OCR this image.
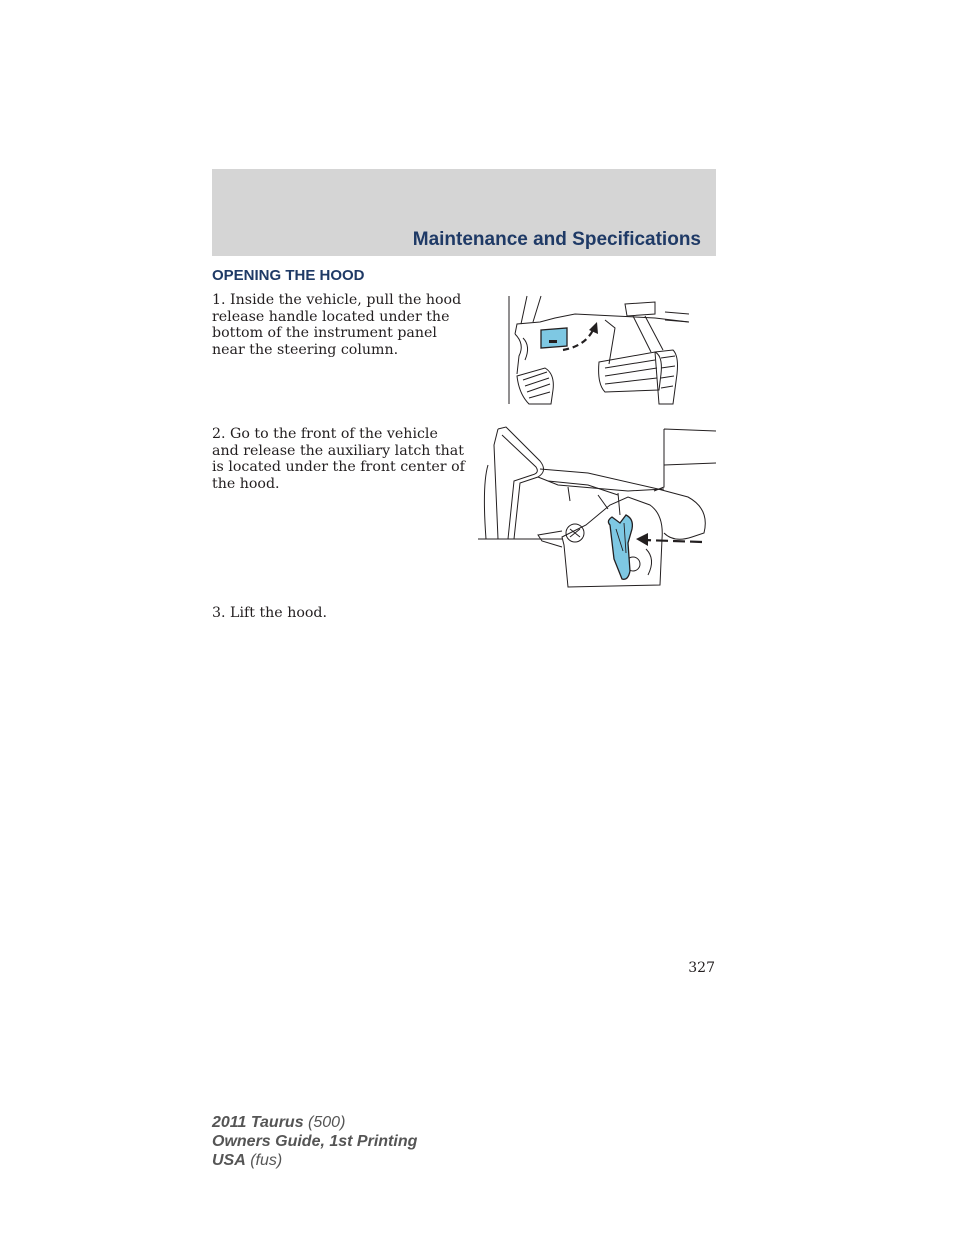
Maintenance and Specifications
OPENING THE HOOD
1. Inside the vehicle, pull the hood release handle located under the bottom of the instrument panel near the steering column.
2. Go to the front of the vehicle and release the auxiliary latch that is located under the front center of the hood.
3. Lift the hood.
327
2011 Taurus (500)
Owners Guide, 1st Printing
USA (fus)
